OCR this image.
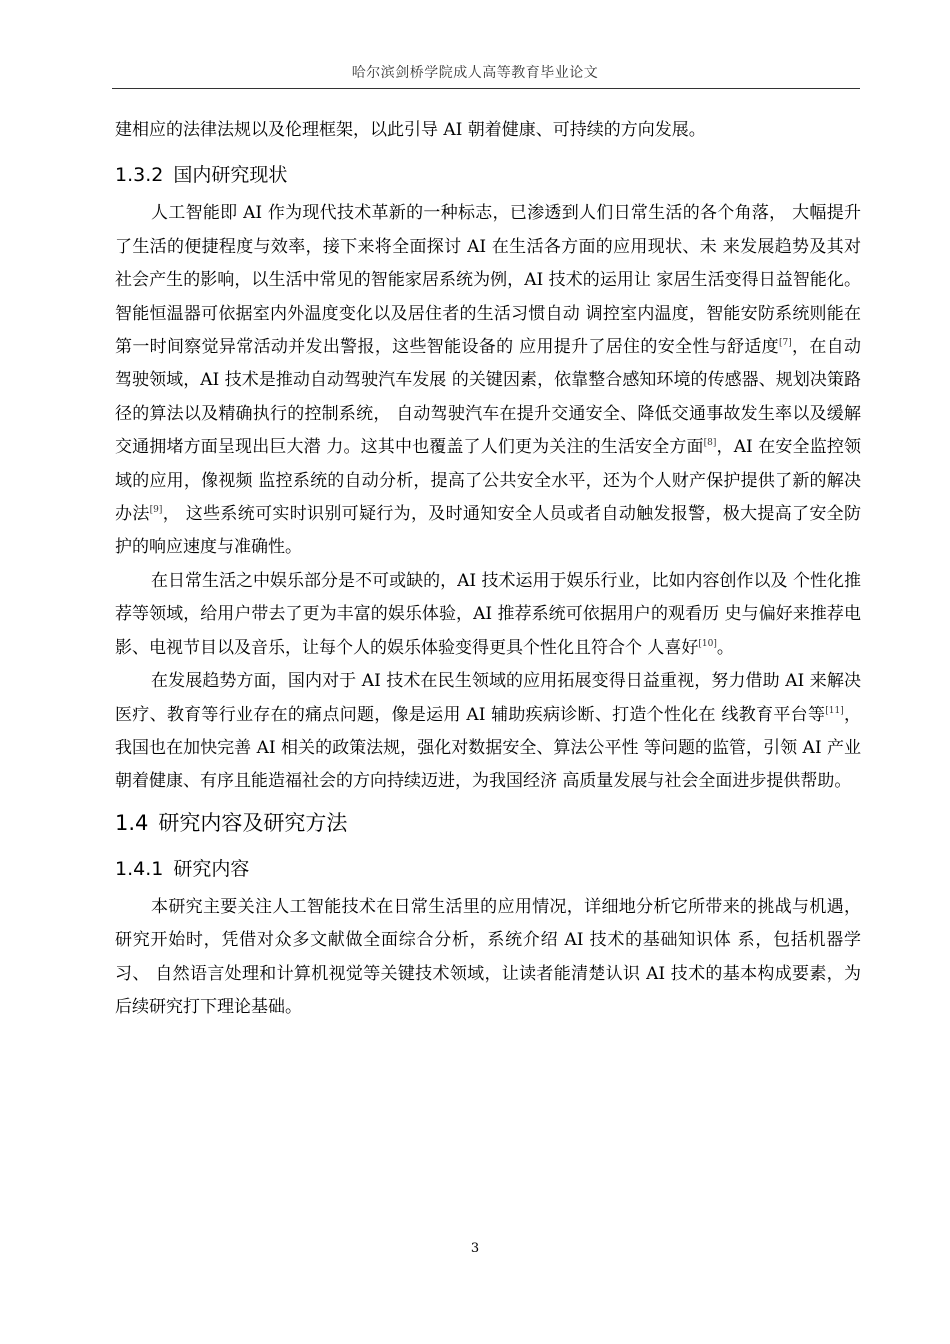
哈尔滨剑桥学院成人高等教育毕业论文

建相应的法律法规以及伦理框架，以此引导 AI 朝着健康、可持续的方向发展。

1.3.2 国内研究现状

人工智能即 AI 作为现代技术革新的一种标志，已渗透到人们日常生活的各个角落， 大幅提升了生活的便捷程度与效率，接下来将全面探讨 AI 在生活各方面的应用现状、未 来发展趋势及其对社会产生的影响，以生活中常见的智能家居系统为例，AI 技术的运用让 家居生活变得日益智能化。智能恒温器可依据室内外温度变化以及居住者的生活习惯自动 调控室内温度，智能安防系统则能在第一时间察觉异常活动并发出警报，这些智能设备的 应用提升了居住的安全性与舒适度[7]，在自动驾驶领域，AI 技术是推动自动驾驶汽车发展 的关键因素，依靠整合感知环境的传感器、规划决策路径的算法以及精确执行的控制系统， 自动驾驶汽车在提升交通安全、降低交通事故发生率以及缓解交通拥堵方面呈现出巨大潜 力。这其中也覆盖了人们更为关注的生活安全方面[8]，AI 在安全监控领域的应用，像视频 监控系统的自动分析，提高了公共安全水平，还为个人财产保护提供了新的解决办法[9]， 这些系统可实时识别可疑行为，及时通知安全人员或者自动触发报警，极大提高了安全防 护的响应速度与准确性。

在日常生活之中娱乐部分是不可或缺的，AI 技术运用于娱乐行业，比如内容创作以及 个性化推荐等领域，给用户带去了更为丰富的娱乐体验，AI 推荐系统可依据用户的观看历 史与偏好来推荐电影、电视节目以及音乐，让每个人的娱乐体验变得更具个性化且符合个 人喜好[10]。

在发展趋势方面，国内对于 AI 技术在民生领域的应用拓展变得日益重视，努力借助 AI 来解决医疗、教育等行业存在的痛点问题，像是运用 AI 辅助疾病诊断、打造个性化在 线教育平台等[11]，我国也在加快完善 AI 相关的政策法规，强化对数据安全、算法公平性 等问题的监管，引领 AI 产业朝着健康、有序且能造福社会的方向持续迈进，为我国经济 高质量发展与社会全面进步提供帮助。

1.4 研究内容及研究方法
1.4.1 研究内容

本研究主要关注人工智能技术在日常生活里的应用情况，详细地分析它所带来的挑战与机遇，研究开始时，凭借对众多文献做全面综合分析，系统介绍 AI 技术的基础知识体 系，包括机器学习、 自然语言处理和计算机视觉等关键技术领域，让读者能清楚认识 AI 技术的基本构成要素，为后续研究打下理论基础。

3
